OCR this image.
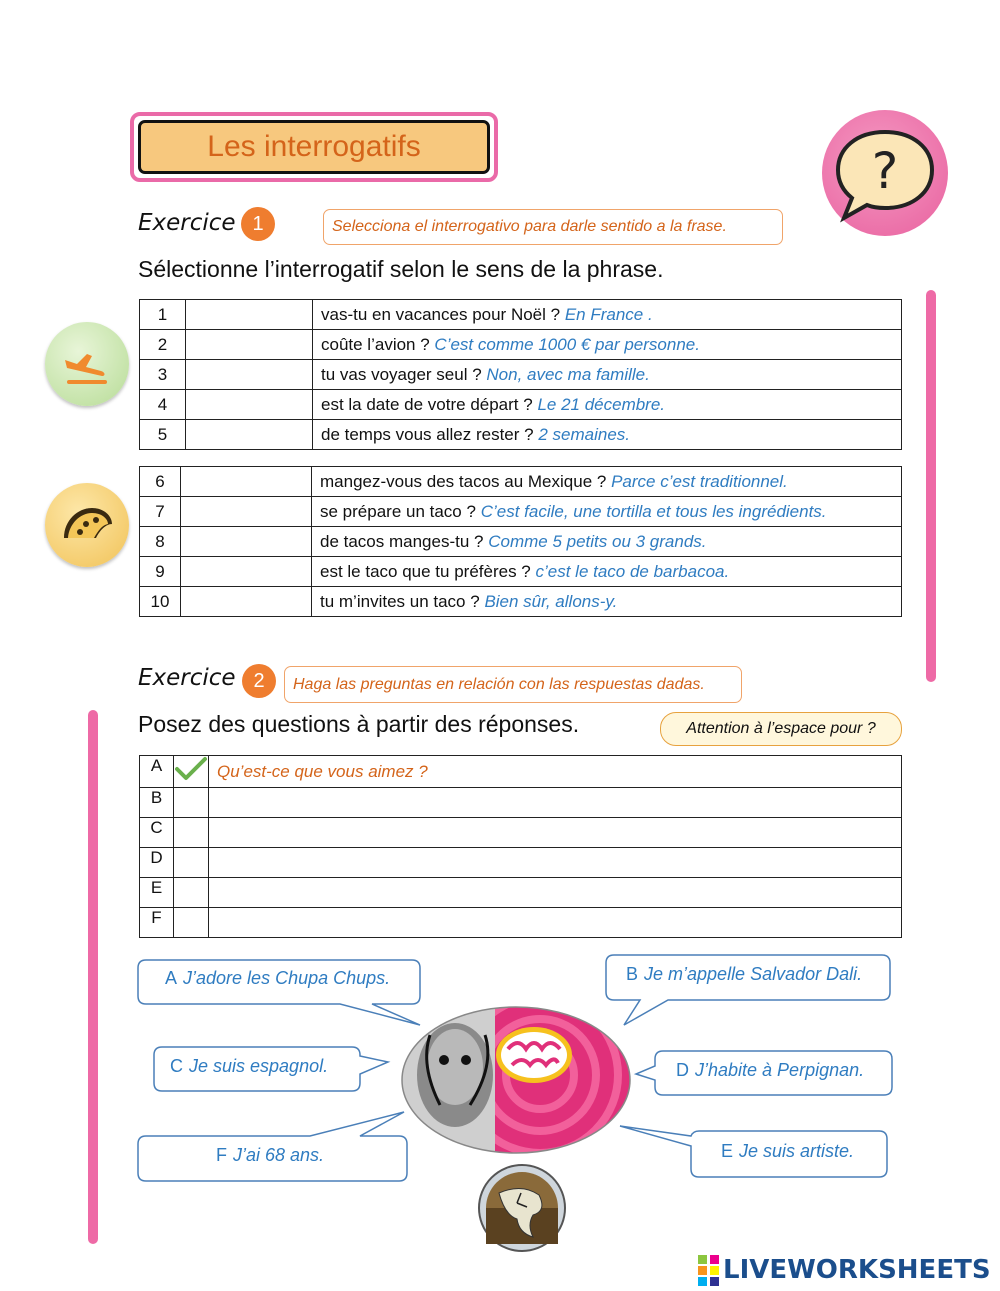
Les interrogatifs	?
Exercice 1	Selecciona el interrogativo para darle sentido a la frase.
Sélectionne l’interrogatif selon le sens de la phrase.
1		vas-tu en vacances pour Noël ? En France .
2		coûte l’avion ? C’est comme 1000 € par personne.
3		tu vas voyager seul ? Non, avec ma famille.
4		est la date de votre départ ? Le 21 décembre.
5		de temps vous allez rester ? 2 semaines.
6		mangez-vous des tacos au Mexique ? Parce c’est traditionnel.
7		se prépare un taco ? C’est facile, une tortilla et tous les ingrédients.
8		de tacos manges-tu ? Comme 5 petits ou 3 grands.
9		est le taco que tu préfères ? c’est le taco de barbacoa.
10		tu m’invites un taco ? Bien sûr, allons-y.
Exercice 2	Haga las preguntas en relación con las respuestas dadas.
Posez des questions à partir des réponses.	Attention à l’espace pour ?
A		Qu’est-ce que vous aimez ?
B		
C		
D		
E		
F		
A J’adore les Chupa Chups.	B Je m’appelle Salvador Dali.
C Je suis espagnol.	D J’habite à Perpignan.
E Je suis artiste.
F J’ai 68 ans.
LIVEWORKSHEETS
